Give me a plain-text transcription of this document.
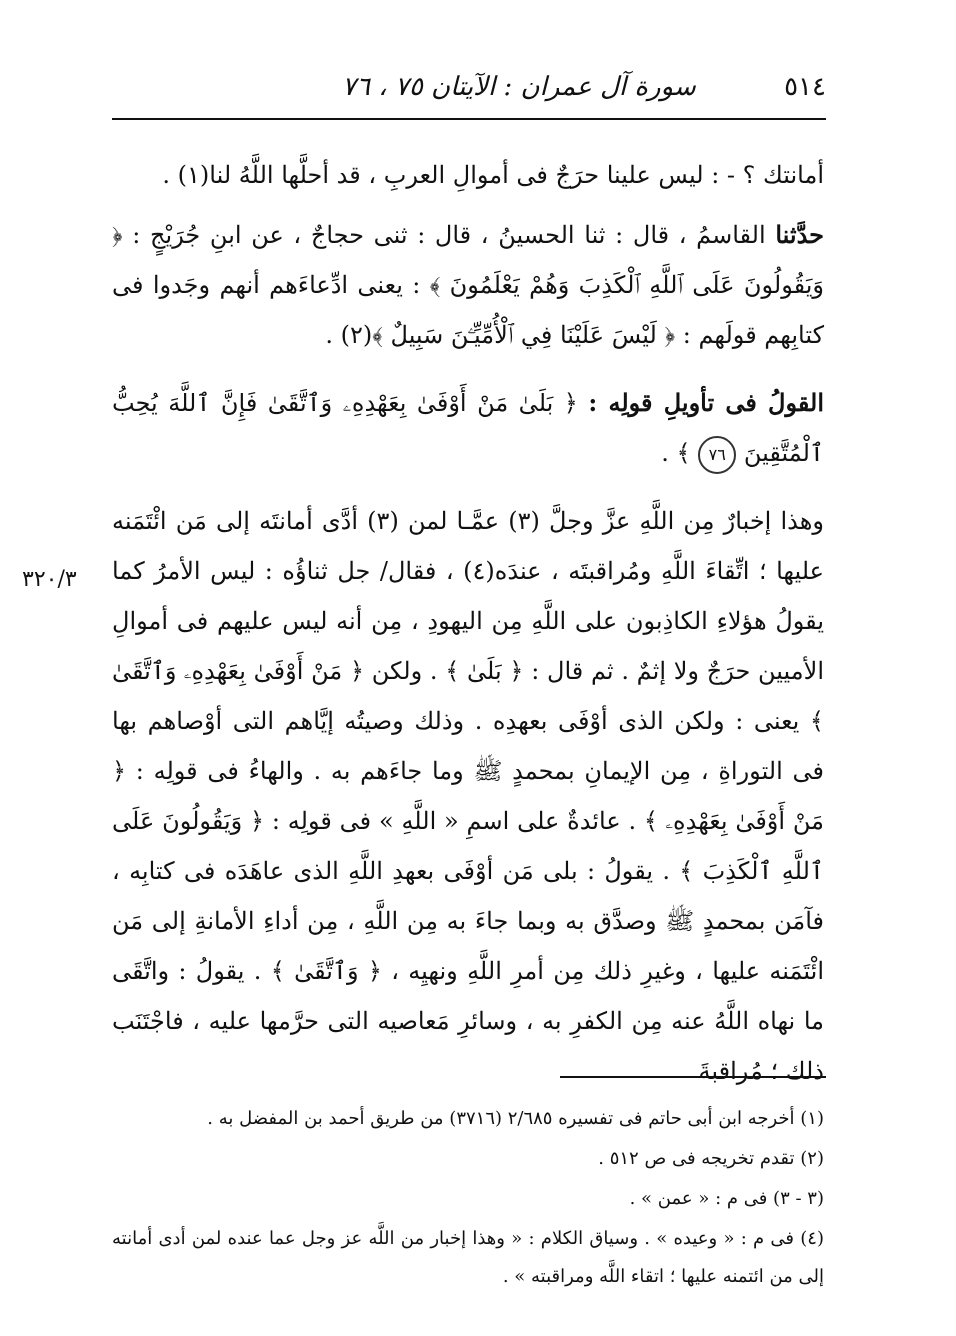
٥١٤
سورة آل عمران : الآيتان ٧٥ ، ٧٦
٣٢٠/٣

أمانتك ؟ - : ليس علينا حرَجٌ فى أموالِ العربِ ، قد أحلَّها اللَّهُ لنا(١) .

حدَّثنا القاسمُ ، قال : ثنا الحسينُ ، قال : ثنى حجاجٌ ، عن ابنِ جُرَيْجٍ : ﴿ وَيَقُولُونَ عَلَى ٱللَّهِ ٱلْكَذِبَ وَهُمْ يَعْلَمُونَ ﴾ : يعنى ادِّعاءَهم أنهم وجَدوا فى كتابِهم قولَهم : ﴿ لَيْسَ عَلَيْنَا فِي ٱلْأُمِّيِّـۧنَ سَبِيلٌ ﴾(٢) .

القولُ فى تأويلِ قولِه : ﴿ بَلَىٰ مَنْ أَوْفَىٰ بِعَهْدِهِۦ وَٱتَّقَىٰ فَإِنَّ ٱللَّهَ يُحِبُّ ٱلْمُتَّقِينَ ٧٦ ﴾ .

وهذا إخبارٌ مِن اللَّهِ عزَّ وجلَّ (٣) عمَّـا لمن (٣) أدَّى أمانتَه إلى مَن ائْتَمَنه عليها ؛ اتِّقاءَ اللَّهِ ومُراقبتَه ، عندَه(٤) ، فقال/ جل ثناؤُه : ليس الأمرُ كما يقولُ هؤلاءِ الكاذِبون على اللَّهِ مِن اليهودِ ، مِن أنه ليس عليهم فى أموالِ الأميين حرَجٌ ولا إثمٌ . ثم قال : ﴿ بَلَىٰ ﴾ . ولكن ﴿ مَنْ أَوْفَىٰ بِعَهْدِهِۦ وَٱتَّقَىٰ ﴾ يعنى : ولكن الذى أوْفَى بعهدِه . وذلك وصيتُه إيَّاهم التى أوْصاهم بها فى التوراةِ ، مِن الإيمانِ بمحمدٍ ﷺ وما جاءَهم به . والهاءُ فى قولِه : ﴿ مَنْ أَوْفَىٰ بِعَهْدِهِۦ ﴾ . عائدةٌ على اسمِ « اللَّهِ » فى قولِه : ﴿ وَيَقُولُونَ عَلَى ٱللَّهِ ٱلْكَذِبَ ﴾ . يقولُ : بلى مَن أوْفَى بعهدِ اللَّهِ الذى عاهَدَه فى كتابِه ، فآمَن بمحمدٍ ﷺ وصدَّق به وبما جاءَ به مِن اللَّهِ ، مِن أداءِ الأمانةِ إلى مَن ائْتَمَنه عليها ، وغيرِ ذلك مِن أمرِ اللَّهِ ونهيِه ، ﴿ وَٱتَّقَىٰ ﴾ . يقولُ : واتَّقَى ما نهاه اللَّهُ عنه مِن الكفرِ به ، وسائرِ مَعاصيه التى حرَّمها عليه ، فاجْتَنَب ذلك ؛ مُراقبةَ

(١) أخرجه ابن أبى حاتم فى تفسيره ٢/٦٨٥ (٣٧١٦) من طريق أحمد بن المفضل به .
(٢) تقدم تخريجه فى ص ٥١٢ .
(٣ - ٣) فى م : « عمن » .
(٤) فى م : « وعيده » . وسياق الكلام : « وهذا إخبار من اللَّه عز وجل عما عنده لمن أدى أمانته إلى من ائتمنه عليها ؛ اتقاء اللَّه ومراقبته » .
